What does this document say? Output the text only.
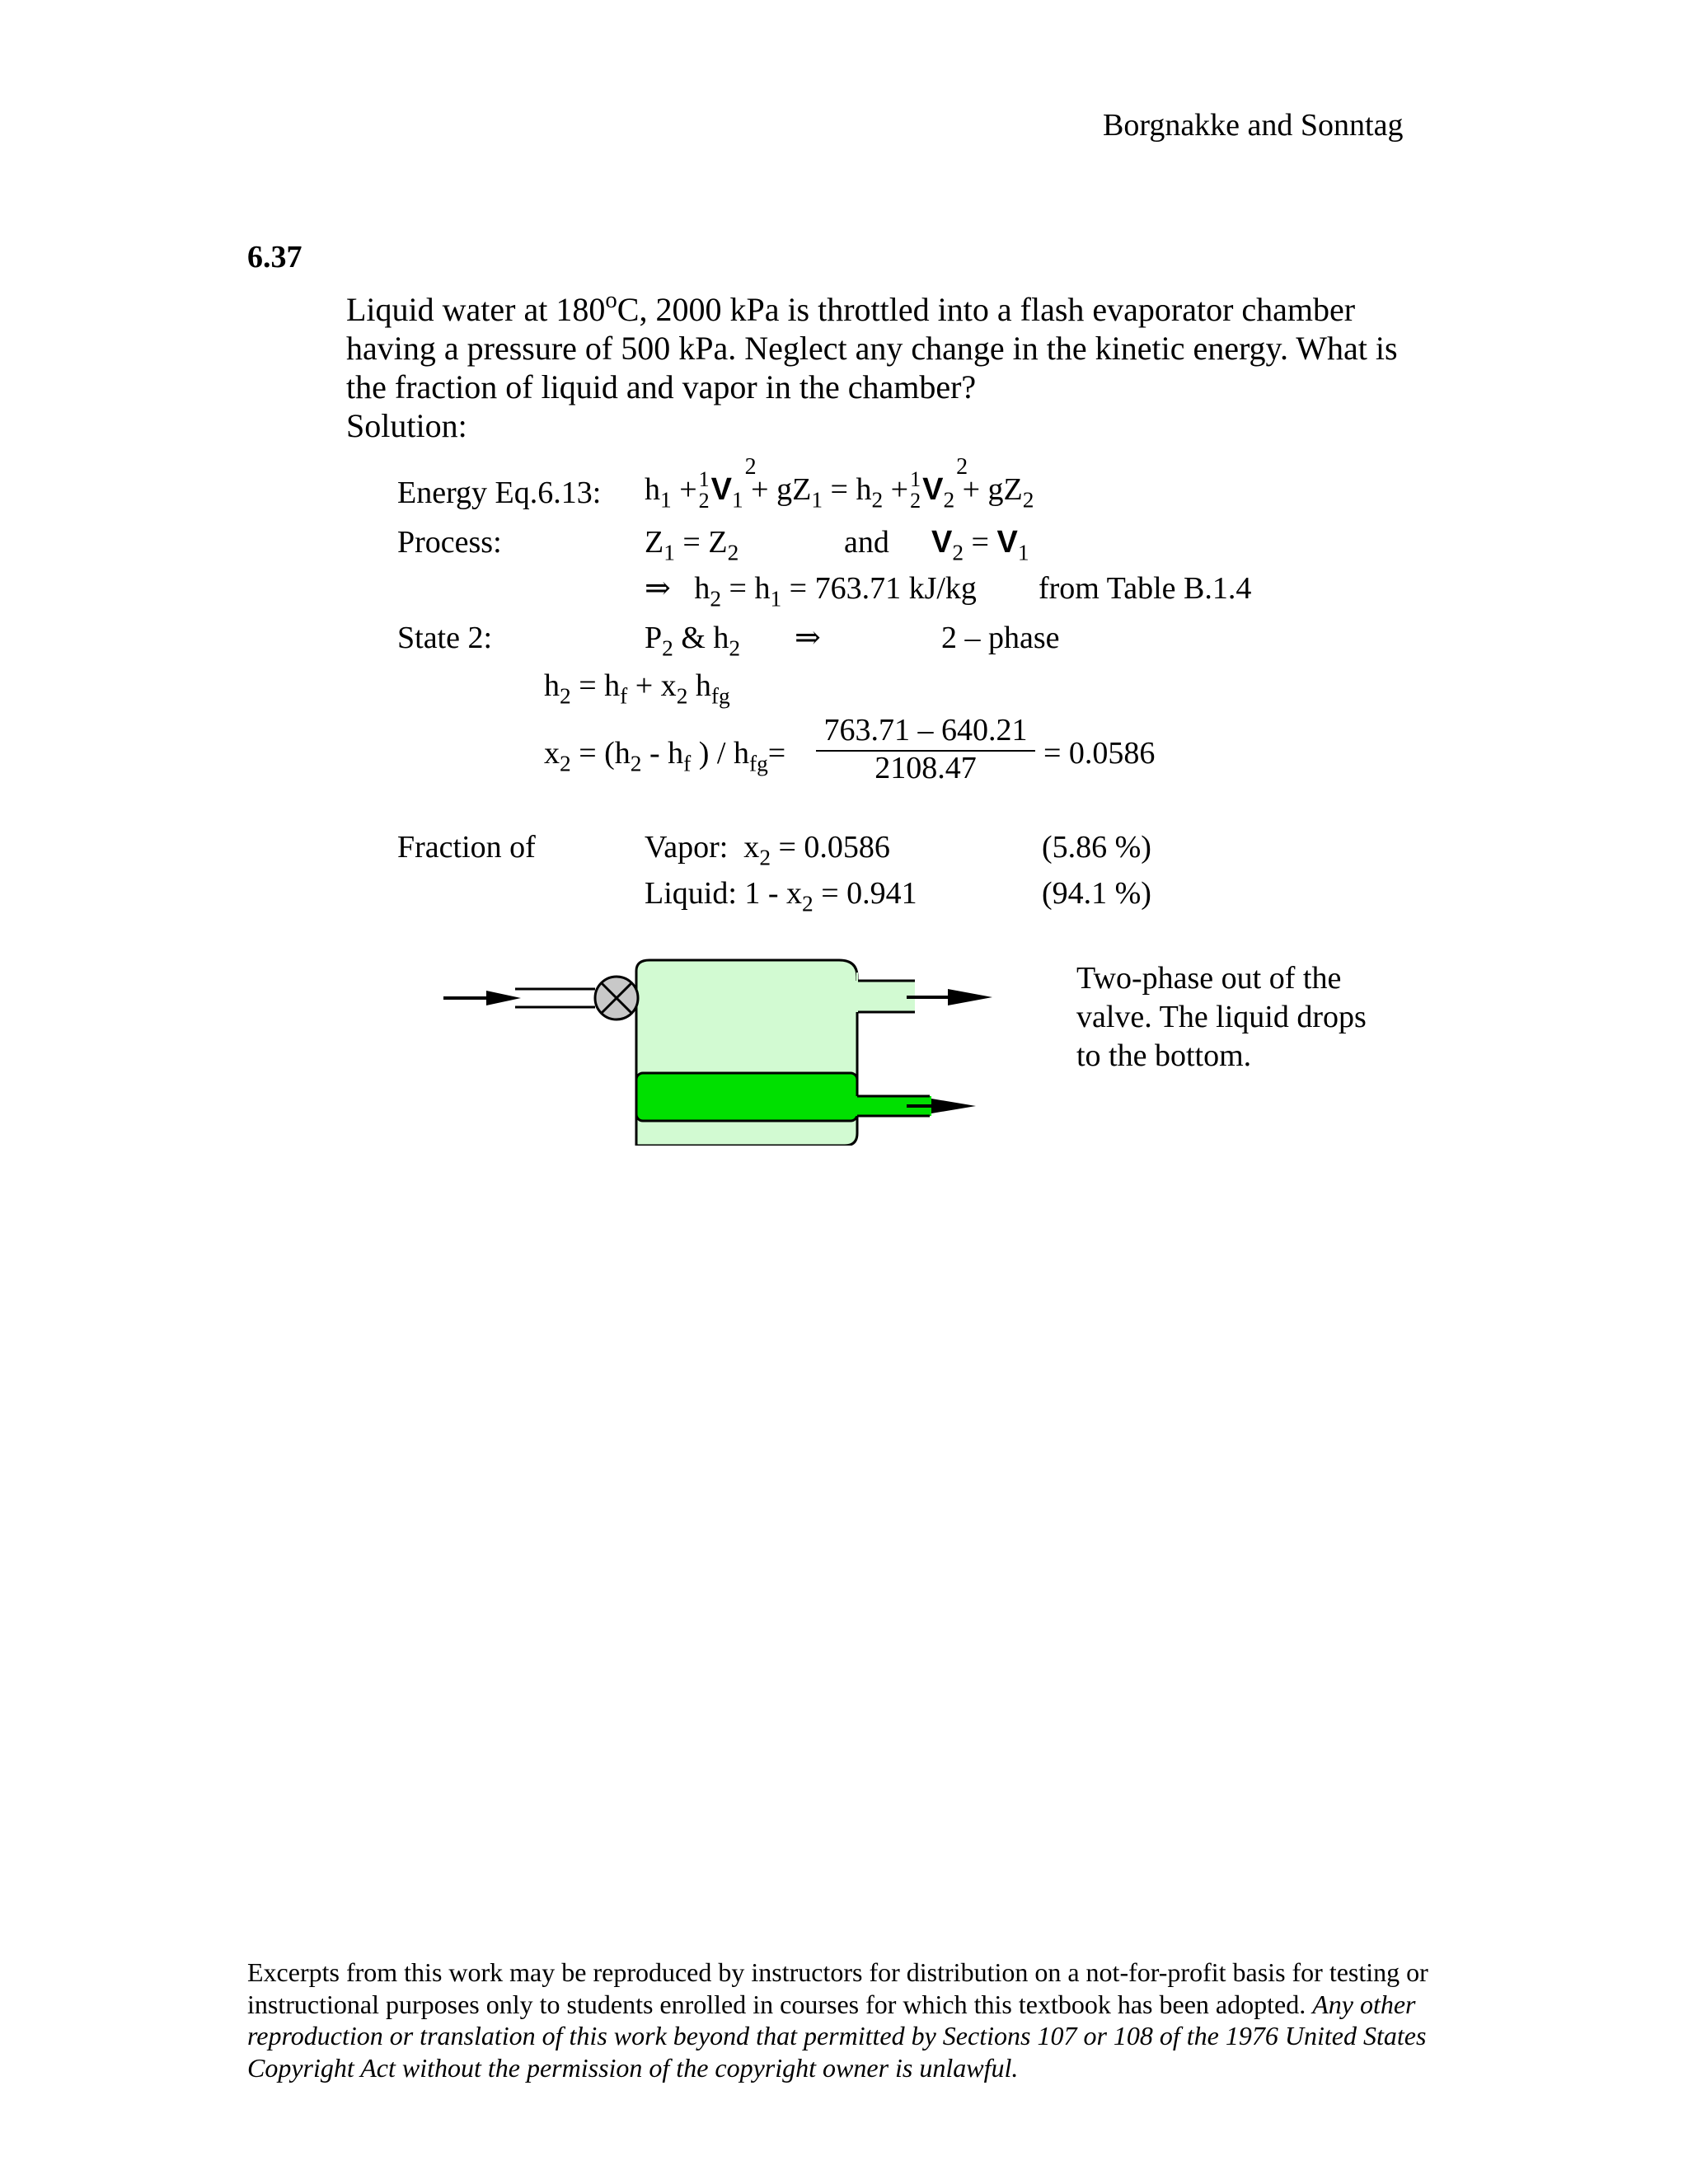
Borgnakke and Sonntag
6.37

Liquid water at 180$^o$C, 2000 kPa is throttled into a flash evaporator chamber

having a pressure of 500 kPa. Neglect any change in the kinetic energy. What is

the fraction of liquid and vapor in the chamber?

Solution:

Energy Eq.6.13: $h_1 + 1$
2 $V_1$
2
+ $gZ_1 = h_2 + 1$
2 $V_2$
2
+ $gZ_2$
Process:	$Z_1 = Z_2$	and $V_2 = V_1$
⇒   $h_2 = h_1 = 763.71$ kJ/kg from Table B.1.4
State 2:	$P_2$ & $h_2$ ⇒	2 – phase
$h_2 = h_f + x_2$ $h_{fg}$
$x_2 = (h_2 - h_f$ ) / $h_{fg}=$
763.71 – 640.21
2108.47	= 0.0586
Fraction of	Vapor:  $x_2 = 0.0586$	(5.86 %)
Liquid: $1 - x_2 = 0.941$	(94.1 %)
Two-phase out of the
valve. The liquid drops
to the bottom.

Excerpts from this work may be reproduced by instructors for distribution on a not-for-profit basis for testing or instructional purposes only to students enrolled in courses for which this textbook has been adopted. Any other reproduction or translation of this work beyond that permitted by Sections 107 or 108 of the 1976 United States Copyright Act without the permission of the copyright owner is unlawful.
